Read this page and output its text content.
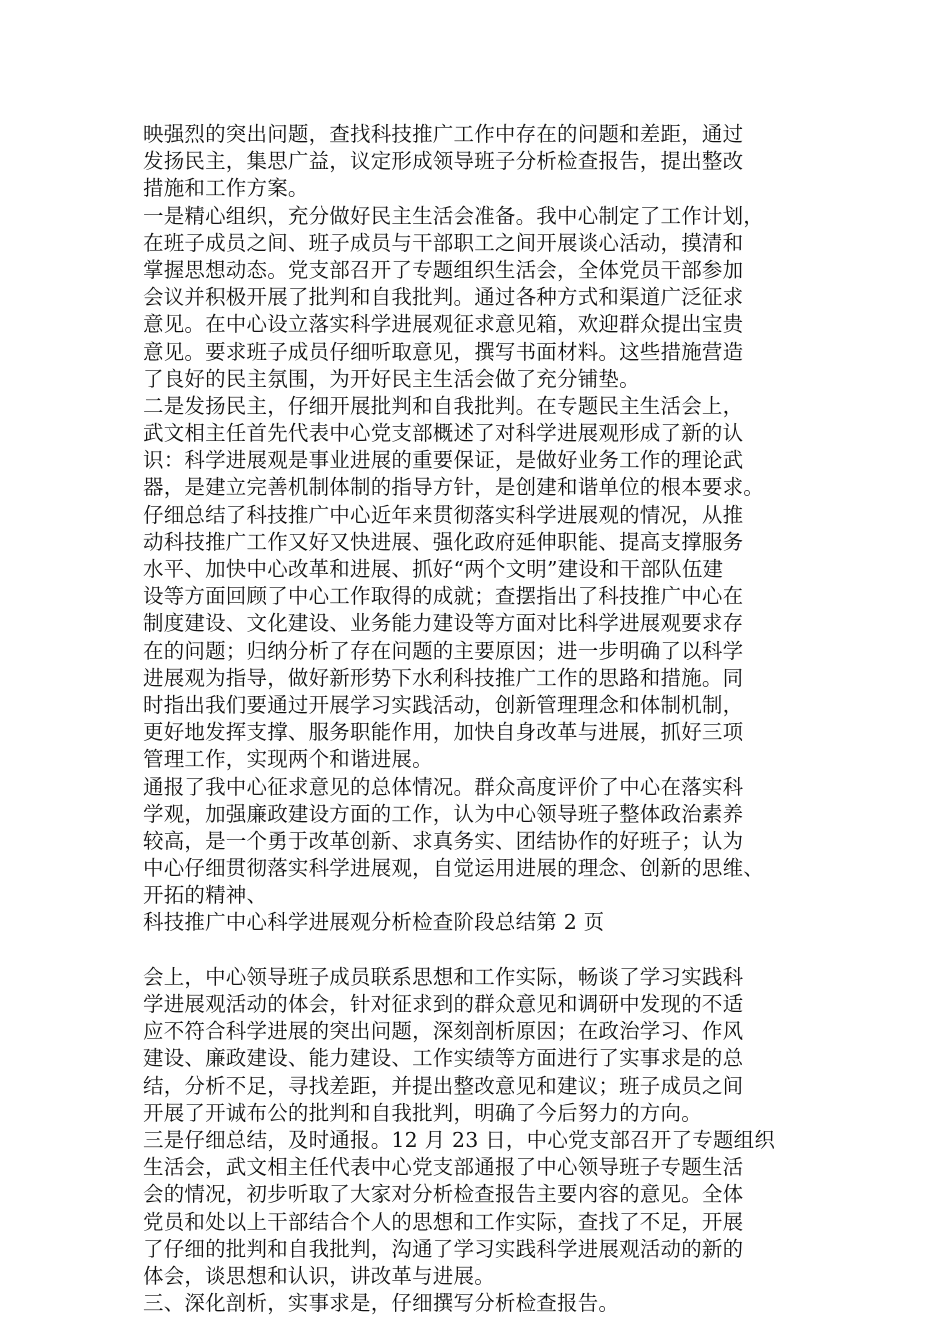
映强烈的突出问题，查找科技推广工作中存在的问题和差距，通过
发扬民主，集思广益，议定形成领导班子分析检查报告，提出整改
措施和工作方案。
一是精心组织，充分做好民主生活会准备。我中心制定了工作计划，
在班子成员之间、班子成员与干部职工之间开展谈心活动，摸清和
掌握思想动态。党支部召开了专题组织生活会，全体党员干部参加
会议并积极开展了批判和自我批判。通过各种方式和渠道广泛征求
意见。在中心设立落实科学进展观征求意见箱，欢迎群众提出宝贵
意见。要求班子成员仔细听取意见，撰写书面材料。这些措施营造
了良好的民主氛围，为开好民主生活会做了充分铺垫。
二是发扬民主，仔细开展批判和自我批判。在专题民主生活会上，
武文相主任首先代表中心党支部概述了对科学进展观形成了新的认
识：科学进展观是事业进展的重要保证，是做好业务工作的理论武
器，是建立完善机制体制的指导方针，是创建和谐单位的根本要求。
仔细总结了科技推广中心近年来贯彻落实科学进展观的情况，从推
动科技推广工作又好又快进展、强化政府延伸职能、提高支撑服务
水平、加快中心改革和进展、抓好“两个文明”建设和干部队伍建
设等方面回顾了中心工作取得的成就；查摆指出了科技推广中心在
制度建设、文化建设、业务能力建设等方面对比科学进展观要求存
在的问题；归纳分析了存在问题的主要原因；进一步明确了以科学
进展观为指导，做好新形势下水利科技推广工作的思路和措施。同
时指出我们要通过开展学习实践活动，创新管理理念和体制机制，
更好地发挥支撑、服务职能作用，加快自身改革与进展，抓好三项
管理工作，实现两个和谐进展。
通报了我中心征求意见的总体情况。群众高度评价了中心在落实科
学观，加强廉政建设方面的工作，认为中心领导班子整体政治素养
较高，是一个勇于改革创新、求真务实、团结协作的好班子；认为
中心仔细贯彻落实科学进展观，自觉运用进展的理念、创新的思维、
开拓的精神、
科技推广中心科学进展观分析检查阶段总结第 2 页
会上，中心领导班子成员联系思想和工作实际，畅谈了学习实践科
学进展观活动的体会，针对征求到的群众意见和调研中发现的不适
应不符合科学进展的突出问题，深刻剖析原因；在政治学习、作风
建设、廉政建设、能力建设、工作实绩等方面进行了实事求是的总
结，分析不足，寻找差距，并提出整改意见和建议；班子成员之间
开展了开诚布公的批判和自我批判，明确了今后努力的方向。
三是仔细总结，及时通报。12 月 23 日，中心党支部召开了专题组织
生活会，武文相主任代表中心党支部通报了中心领导班子专题生活
会的情况，初步听取了大家对分析检查报告主要内容的意见。全体
党员和处以上干部结合个人的思想和工作实际，查找了不足，开展
了仔细的批判和自我批判，沟通了学习实践科学进展观活动的新的
体会，谈思想和认识，讲改革与进展。
三、深化剖析，实事求是，仔细撰写分析检查报告。
